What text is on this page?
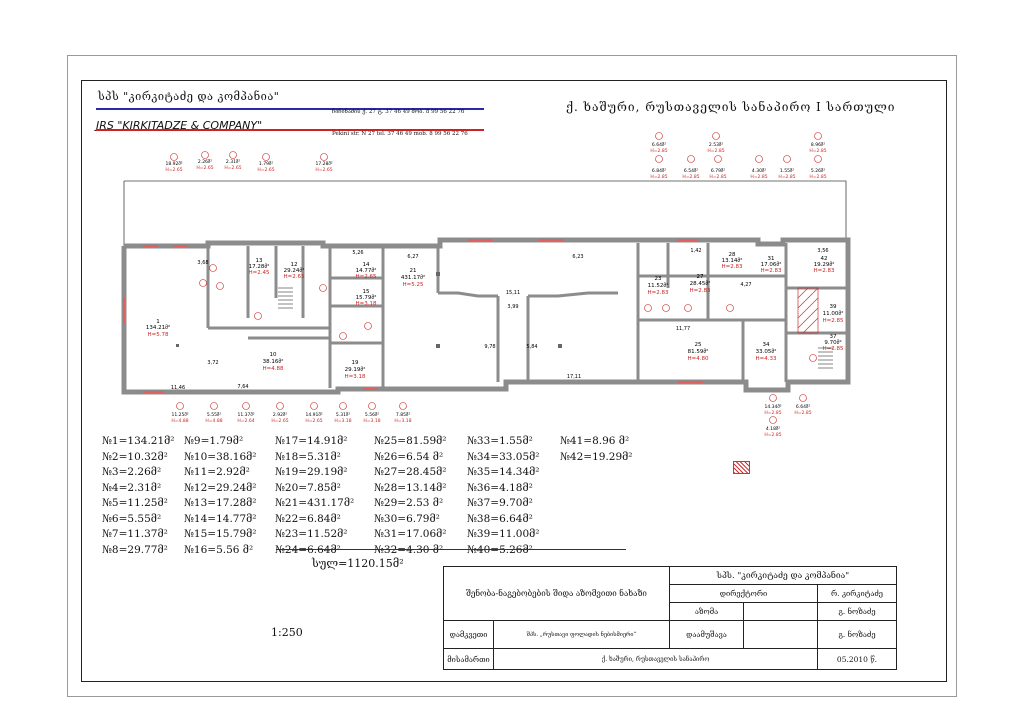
სპს "კირკიტაძე და კომპანია"
ჩიჩინაძის ქ. 27 ტ. 37 46 49 მობ. 8 99 56 22 76
JRS "KIRKITADZE & COMPANY"
Pekini str. N 27 tel. 37 46 49 mob. 8 99 56 22 76
ქ. ხაშური, რუსთაველის სანაპირო I სართული
1
134.21მ²
H=5.78
21
431.17მ²
H=5.25
25
81.59მ²
H=4.80
34
33.05მ²
H=4.33
10
38.16მ²
H=4.88
19
29.19მ²
H=3.18
27
28.45მ²
H=2.83
23
11.52მ²
H=2.83
14
14.77მ²
H=2.65
15
15.79მ²
H=3.18
12
29.24მ²
H=2.65
13
17.28მ²
H=2.45
42
19.29მ²
H=2.83
31
17.06მ²
H=2.83
28
13.14მ²
H=2.83
39
11.00მ²
H=2.85
37
9.70მ²
H=2.85
7,64
11,46
5,26
6,27	6,23
15,11
3,99
9,78	5,84
17,11
11,77
4,27
3,56
1,42
3,68
3,72
18.92მ²
H=2.65
2.26მ²
H=2.65
2.31მ²
H=2.65
1.79მ²
H=2.65
17.28მ²
H=2.65
6.64მ²
H=2.85
2.53მ²
H=2.85
8.96მ²
H=2.85
6.84მ²
H=2.85
6.54მ²
H=2.85
6.79მ²
H=2.85
4.30მ²
H=2.85
1.55მ²
H=2.85
5.26მ²
H=2.85
11.25მ²
H=4.88
5.55მ²
H=4.88
11.37მ²
H=2.64
2.92მ²
H=2.65
14.91მ²
H=2.65
5.31მ²
H=3.18
5.56მ²
H=3.18
7.85მ²
H=3.18
14.34მ²
H=2.85
6.64მ²
H=2.85
4.18მ²
H=2.85
№1=134.21მ²
№2=10.32მ²
№3=2.26მ²
№4=2.31მ²
№5=11.25მ²
№6=5.55მ²
№7=11.37მ²
№8=29.77მ²
№9=1.79მ²
№10=38.16მ²
№11=2.92მ²
№12=29.24მ²
№13=17.28მ²
№14=14.77მ²
№15=15.79მ²
№16=5.56 მ²
№17=14.91მ²
№18=5.31მ²
№19=29.19მ²
№20=7.85მ²
№21=431.17მ²
№22=6.84მ²
№23=11.52მ²
№24=6.64მ²
№25=81.59მ²
№26=6.54 მ²
№27=28.45მ²
№28=13.14მ²
№29=2.53 მ²
№30=6.79მ²
№31=17.06მ²
№32=4.30 მ²
№33=1.55მ²
№34=33.05მ²
№35=14.34მ²
№36=4.18მ²
№37=9.70მ²
№38=6.64მ²
№39=11.00მ²
№40=5.26მ²
№41=8.96 მ²
№42=19.29მ²
სულ=1120.15მ²
1:250
შენობა-ნაგებობების შიდა აზომვითი ნახაზი
სპს. "კირკიტაძე და კომპანია"
დირექტორი	რ. კირკიტაძე
აზომა	გ. ნოზაძე
დაამუშავა	გ. ნოზაძე
დამკვეთი	შპს. „რუსთავი ფოლადის ნებისმიერი“
მისამართი	ქ. ხაშური, რუსთაველის სანაპირო	05.2010 წ.
